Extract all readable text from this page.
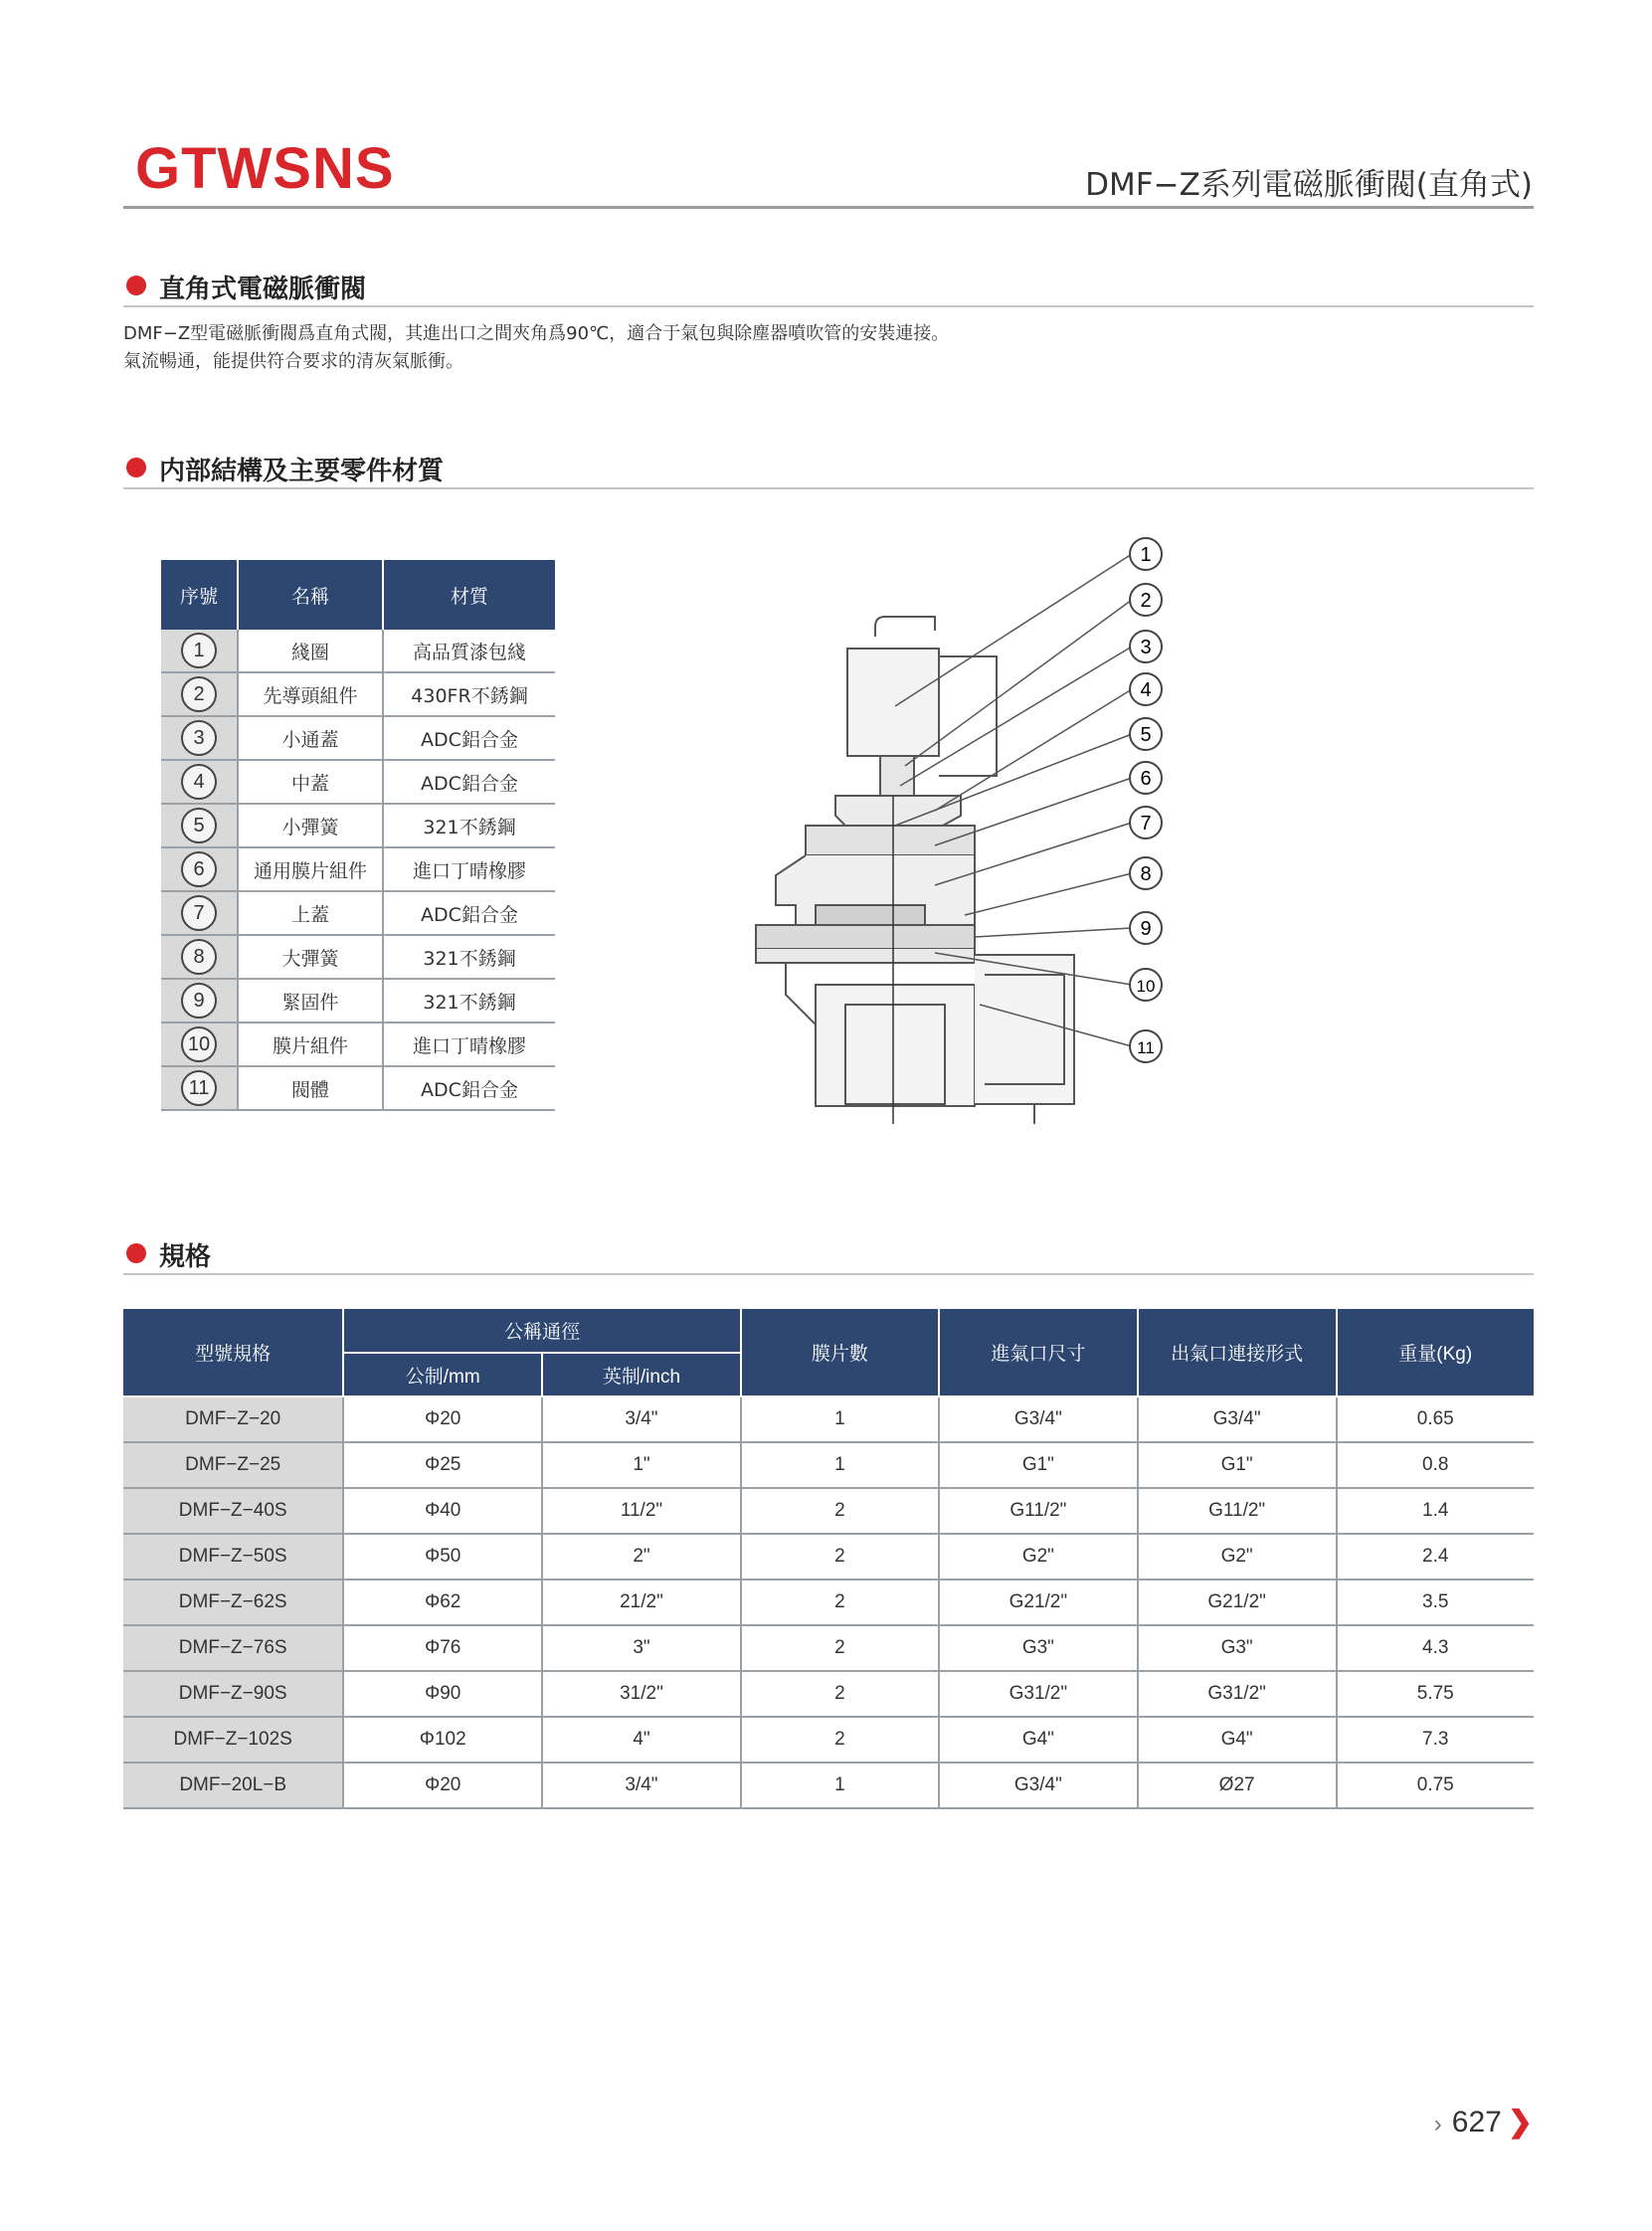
GTWSNS	DMF−Z系列電磁脈衝閥(直角式)
直角式電磁脈衝閥
DMF−Z型電磁脈衝閥爲直角式閥，其進出口之間夾角爲90℃，適合于氣包與除塵器噴吹管的安裝連接。
氣流暢通，能提供符合要求的清灰氣脈衝。
内部結構及主要零件材質
序號	名稱	材質
1	綫圈	高品質漆包綫
2	先導頭組件	430FR不銹鋼
3	小通蓋	ADC鋁合金
4	中蓋	ADC鋁合金
5	小彈簧	321不銹鋼
6	通用膜片組件	進口丁晴橡膠
7	上蓋	ADC鋁合金
8	大彈簧	321不銹鋼
9	緊固件	321不銹鋼
10	膜片組件	進口丁晴橡膠
11	閥體	ADC鋁合金
1
2
3
4
5
6
7
8
9
10
11
規格
型號規格	公稱通徑		膜片數	進氣口尺寸	出氣口連接形式	重量(Kg)
	公制/mm	英制/inch				
DMF−Z−20	Φ20	3/4"	1	G3/4"	G3/4"	0.65
DMF−Z−25	Φ25	1"	1	G1"	G1"	0.8
DMF−Z−40S	Φ40	11/2"	2	G11/2"	G11/2"	1.4
DMF−Z−50S	Φ50	2"	2	G2"	G2"	2.4
DMF−Z−62S	Φ62	21/2"	2	G21/2"	G21/2"	3.5
DMF−Z−76S	Φ76	3"	2	G3"	G3"	4.3
DMF−Z−90S	Φ90	31/2"	2	G31/2"	G31/2"	5.75
DMF−Z−102S	Φ102	4"	2	G4"	G4"	7.3
DMF−20L−B	Φ20	3/4"	1	G3/4"	Ø27	0.75
› 627 ❯
